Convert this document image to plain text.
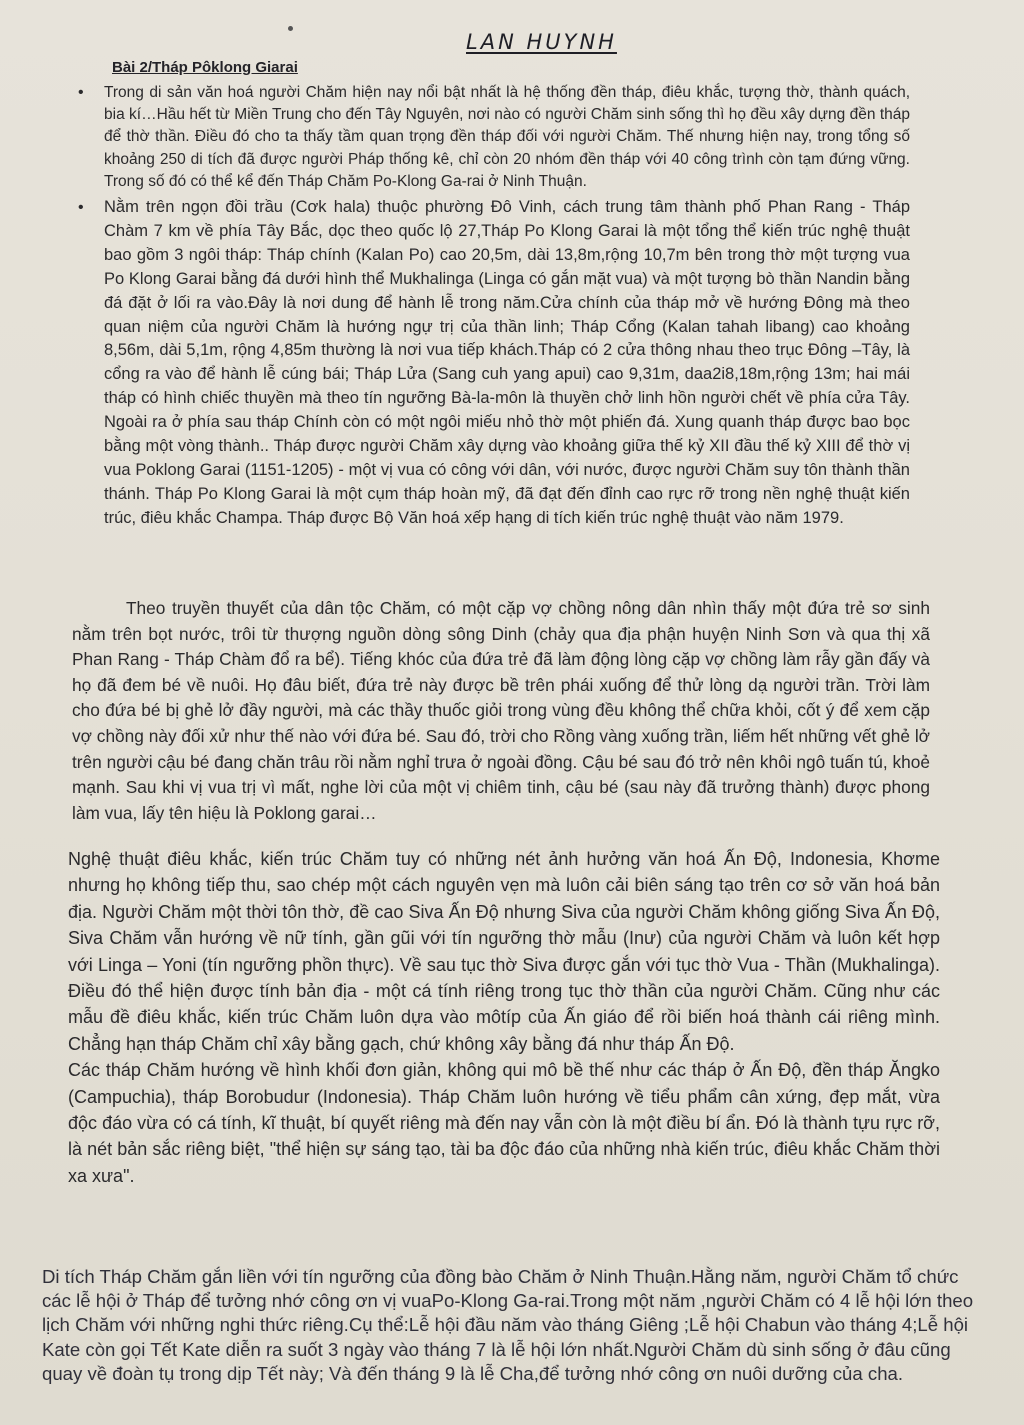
LAN HUYNH
Bài 2/Tháp Pôklong Giarai
• Trong di sản văn hoá người Chăm hiện nay nổi bật nhất là hệ thống đền tháp, điêu khắc, tượng thờ, thành quách, bia kí…Hầu hết từ Miền Trung cho đến Tây Nguyên, nơi nào có người Chăm sinh sống thì họ đều xây dựng đền tháp để thờ thần. Điều đó cho ta thấy tầm quan trọng đền tháp đối với người Chăm. Thế nhưng hiện nay, trong tổng số khoảng 250 di tích đã được người Pháp thống kê, chỉ còn 20 nhóm đền tháp với 40 công trình còn tạm đứng vững. Trong số đó có thể kể đến Tháp Chăm Po-Klong Ga-rai ở Ninh Thuận.
• Nằm trên ngọn đồi trầu (Cơk hala) thuộc phường Đô Vinh, cách trung tâm thành phố Phan Rang - Tháp Chàm 7 km về phía Tây Bắc, dọc theo quốc lộ 27,Tháp Po Klong Garai là một tổng thể kiến trúc nghệ thuật bao gồm 3 ngôi tháp: Tháp chính (Kalan Po) cao 20,5m, dài 13,8m,rộng 10,7m bên trong thờ một tượng vua Po Klong Garai bằng đá dưới hình thể Mukhalinga (Linga có gắn mặt vua) và một tượng bò thần Nandin bằng đá đặt ở lối ra vào.Đây là nơi dung để hành lễ trong năm.Cửa chính của tháp mở về hướng Đông mà theo quan niệm của người Chăm là hướng ngự trị của thần linh; Tháp Cổng (Kalan tahah libang) cao khoảng 8,56m, dài 5,1m, rộng 4,85m thường là nơi vua tiếp khách.Tháp có 2 cửa thông nhau theo trục Đông –Tây, là cổng ra vào để hành lễ cúng bái; Tháp Lửa (Sang cuh yang apui) cao 9,31m, daa2i8,18m,rộng 13m; hai mái tháp có hình chiếc thuyền mà theo tín ngưỡng Bà-la-môn là thuyền chở linh hồn người chết về phía cửa Tây. Ngoài ra ở phía sau tháp Chính còn có một ngôi miếu nhỏ thờ một phiến đá. Xung quanh tháp được bao bọc bằng một vòng thành.. Tháp được người Chăm xây dựng vào khoảng giữa thế kỷ XII đầu thế kỷ XIII để thờ vị vua Poklong Garai (1151-1205) - một vị vua có công với dân, với nước, được người Chăm suy tôn thành thần thánh. Tháp Po Klong Garai là một cụm tháp hoàn mỹ, đã đạt đến đỉnh cao rực rỡ trong nền nghệ thuật kiến trúc, điêu khắc Champa. Tháp được Bộ Văn hoá xếp hạng di tích kiến trúc nghệ thuật vào năm 1979.
Theo truyền thuyết của dân tộc Chăm, có một cặp vợ chồng nông dân nhìn thấy một đứa trẻ sơ sinh nằm trên bọt nước, trôi từ thượng nguồn dòng sông Dinh (chảy qua địa phận huyện Ninh Sơn và qua thị xã Phan Rang - Tháp Chàm đổ ra bể). Tiếng khóc của đứa trẻ đã làm động lòng cặp vợ chồng làm rẫy gần đấy và họ đã đem bé về nuôi. Họ đâu biết, đứa trẻ này được bề trên phái xuống để thử lòng dạ người trần. Trời làm cho đứa bé bị ghẻ lở đầy người, mà các thầy thuốc giỏi trong vùng đều không thể chữa khỏi, cốt ý để xem cặp vợ chồng này đối xử như thế nào với đứa bé. Sau đó, trời cho Rồng vàng xuống trần, liếm hết những vết ghẻ lở trên người cậu bé đang chăn trâu rồi nằm nghỉ trưa ở ngoài đồng. Cậu bé sau đó trở nên khôi ngô tuấn tú, khoẻ mạnh. Sau khi vị vua trị vì mất, nghe lời của một vị chiêm tinh, cậu bé (sau này đã trưởng thành) được phong làm vua, lấy tên hiệu là Poklong garai…

Nghệ thuật điêu khắc, kiến trúc Chăm tuy có những nét ảnh hưởng văn hoá Ấn Độ, Indonesia, Khơme nhưng họ không tiếp thu, sao chép một cách nguyên vẹn mà luôn cải biên sáng tạo trên cơ sở văn hoá bản địa. Người Chăm một thời tôn thờ, đề cao Siva Ấn Độ nhưng Siva của người Chăm không giống Siva Ấn Độ, Siva Chăm vẫn hướng về nữ tính, gần gũi với tín ngưỡng thờ mẫu (Inư) của người Chăm và luôn kết hợp với Linga – Yoni (tín ngưỡng phồn thực). Về sau tục thờ Siva được gắn với tục thờ Vua - Thần (Mukhalinga). Điều đó thể hiện được tính bản địa - một cá tính riêng trong tục thờ thần của người Chăm. Cũng như các mẫu đề điêu khắc, kiến trúc Chăm luôn dựa vào môtíp của Ấn giáo để rồi biến hoá thành cái riêng mình. Chẳng hạn tháp Chăm chỉ xây bằng gạch, chứ không xây bằng đá như tháp Ấn Độ.

Các tháp Chăm hướng về hình khối đơn giản, không qui mô bề thế như các tháp ở Ấn Độ, đền tháp Ăngko (Campuchia), tháp Borobudur (Indonesia). Tháp Chăm luôn hướng về tiểu phẩm cân xứng, đẹp mắt, vừa độc đáo vừa có cá tính, kĩ thuật, bí quyết riêng mà đến nay vẫn còn là một điều bí ẩn. Đó là thành tựu rực rỡ, là nét bản sắc riêng biệt, "thể hiện sự sáng tạo, tài ba độc đáo của những nhà kiến trúc, điêu khắc Chăm thời xa xưa".

Di tích Tháp Chăm gắn liền với tín ngưỡng của đồng bào Chăm ở Ninh Thuận.Hằng năm, người Chăm tổ chức các lễ hội ở Tháp để tưởng nhớ công ơn vị vuaPo-Klong Ga-rai.Trong một năm ,người Chăm có 4 lễ hội lớn theo lịch Chăm với những nghi thức riêng.Cụ thể:Lễ hội đầu năm vào tháng Giêng ;Lễ hội Chabun vào tháng 4;Lễ hội Kate còn gọi Tết Kate diễn ra suốt 3 ngày vào tháng 7 là lễ hội lớn nhất.Người Chăm dù sinh sống ở đâu cũng quay về đoàn tụ trong dịp Tết này; Và đến tháng 9 là lễ Cha,để tưởng nhớ công ơn nuôi dưỡng của cha.
